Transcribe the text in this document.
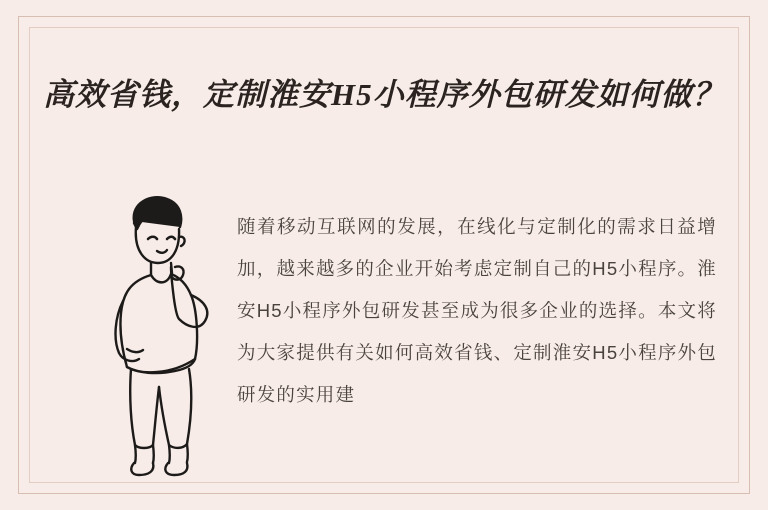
高效省钱，定制淮安H5小程序外包研发如何做？

随着移动互联网的发展，在线化与定制化的需求日益增加，越来越多的企业开始考虑定制自己的H5小程序。淮安H5小程序外包研发甚至成为很多企业的选择。本文将为大家提供有关如何高效省钱、定制淮安H5小程序外包研发的实用建
